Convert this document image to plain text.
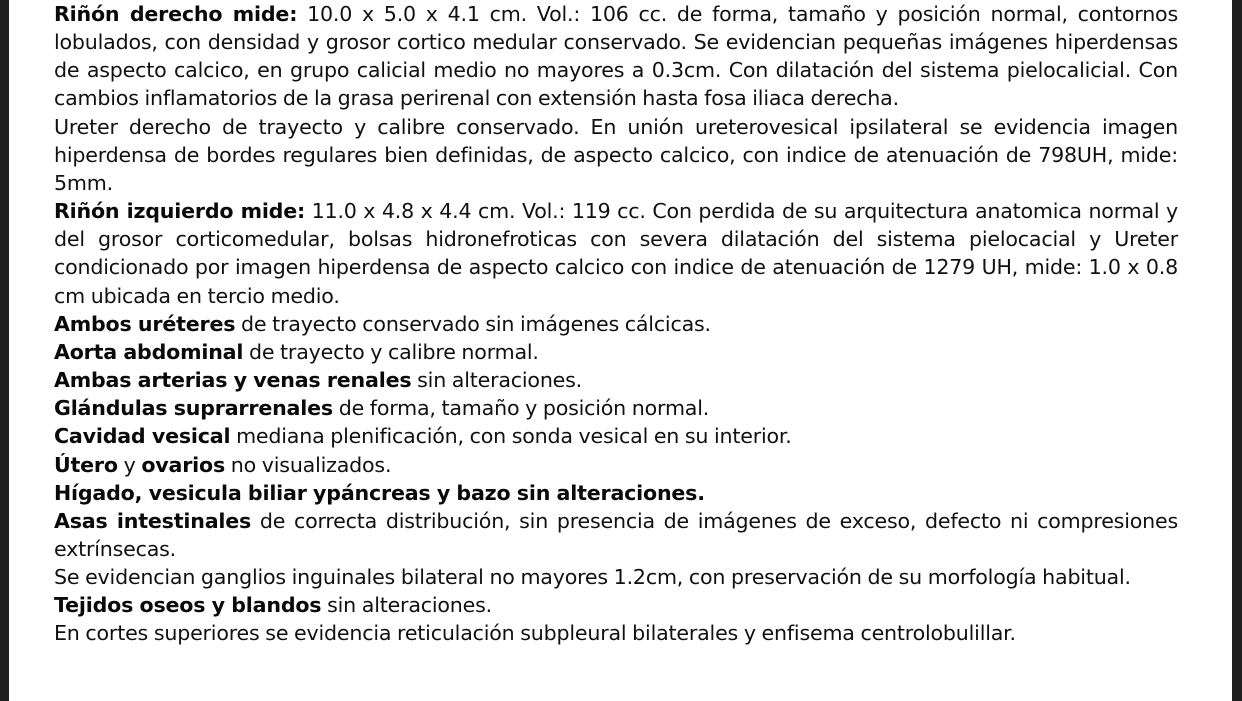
Riñón derecho mide: 10.0 x 5.0 x 4.1 cm. Vol.: 106 cc. de forma, tamaño y posición normal, contornos lobulados, con densidad y grosor cortico medular conservado. Se evidencian pequeñas imágenes hiperdensas de aspecto calcico, en grupo calicial medio no mayores a 0.3cm. Con dilatación del sistema pielocalicial. Con cambios inflamatorios de la grasa perirenal con extensión hasta fosa iliaca derecha.

Ureter derecho de trayecto y calibre conservado. En unión ureterovesical ipsilateral se evidencia imagen hiperdensa de bordes regulares bien definidas, de aspecto calcico, con indice de atenuación de 798UH, mide: 5mm.

Riñón izquierdo mide: 11.0 x 4.8 x 4.4 cm. Vol.: 119 cc. Con perdida de su arquitectura anatomica normal y del grosor corticomedular, bolsas hidronefroticas con severa dilatación del sistema pielocacial y Ureter condicionado por imagen hiperdensa de aspecto calcico con indice de atenuación de 1279 UH, mide: 1.0 x 0.8 cm ubicada en tercio medio.

Ambos uréteres de trayecto conservado sin imágenes cálcicas.

Aorta abdominal de trayecto y calibre normal.

Ambas arterias y venas renales sin alteraciones.

Glándulas suprarrenales de forma, tamaño y posición normal.

Cavidad vesical mediana plenificación, con sonda vesical en su interior.

Útero y ovarios no visualizados.

Hígado, vesicula biliar ypáncreas y bazo sin alteraciones.

Asas intestinales de correcta distribución, sin presencia de imágenes de exceso, defecto ni compresiones extrínsecas.

Se evidencian ganglios inguinales bilateral no mayores 1.2cm, con preservación de su morfología habitual.

Tejidos oseos y blandos sin alteraciones.

En cortes superiores se evidencia reticulación subpleural bilaterales y enfisema centrolobulillar.
